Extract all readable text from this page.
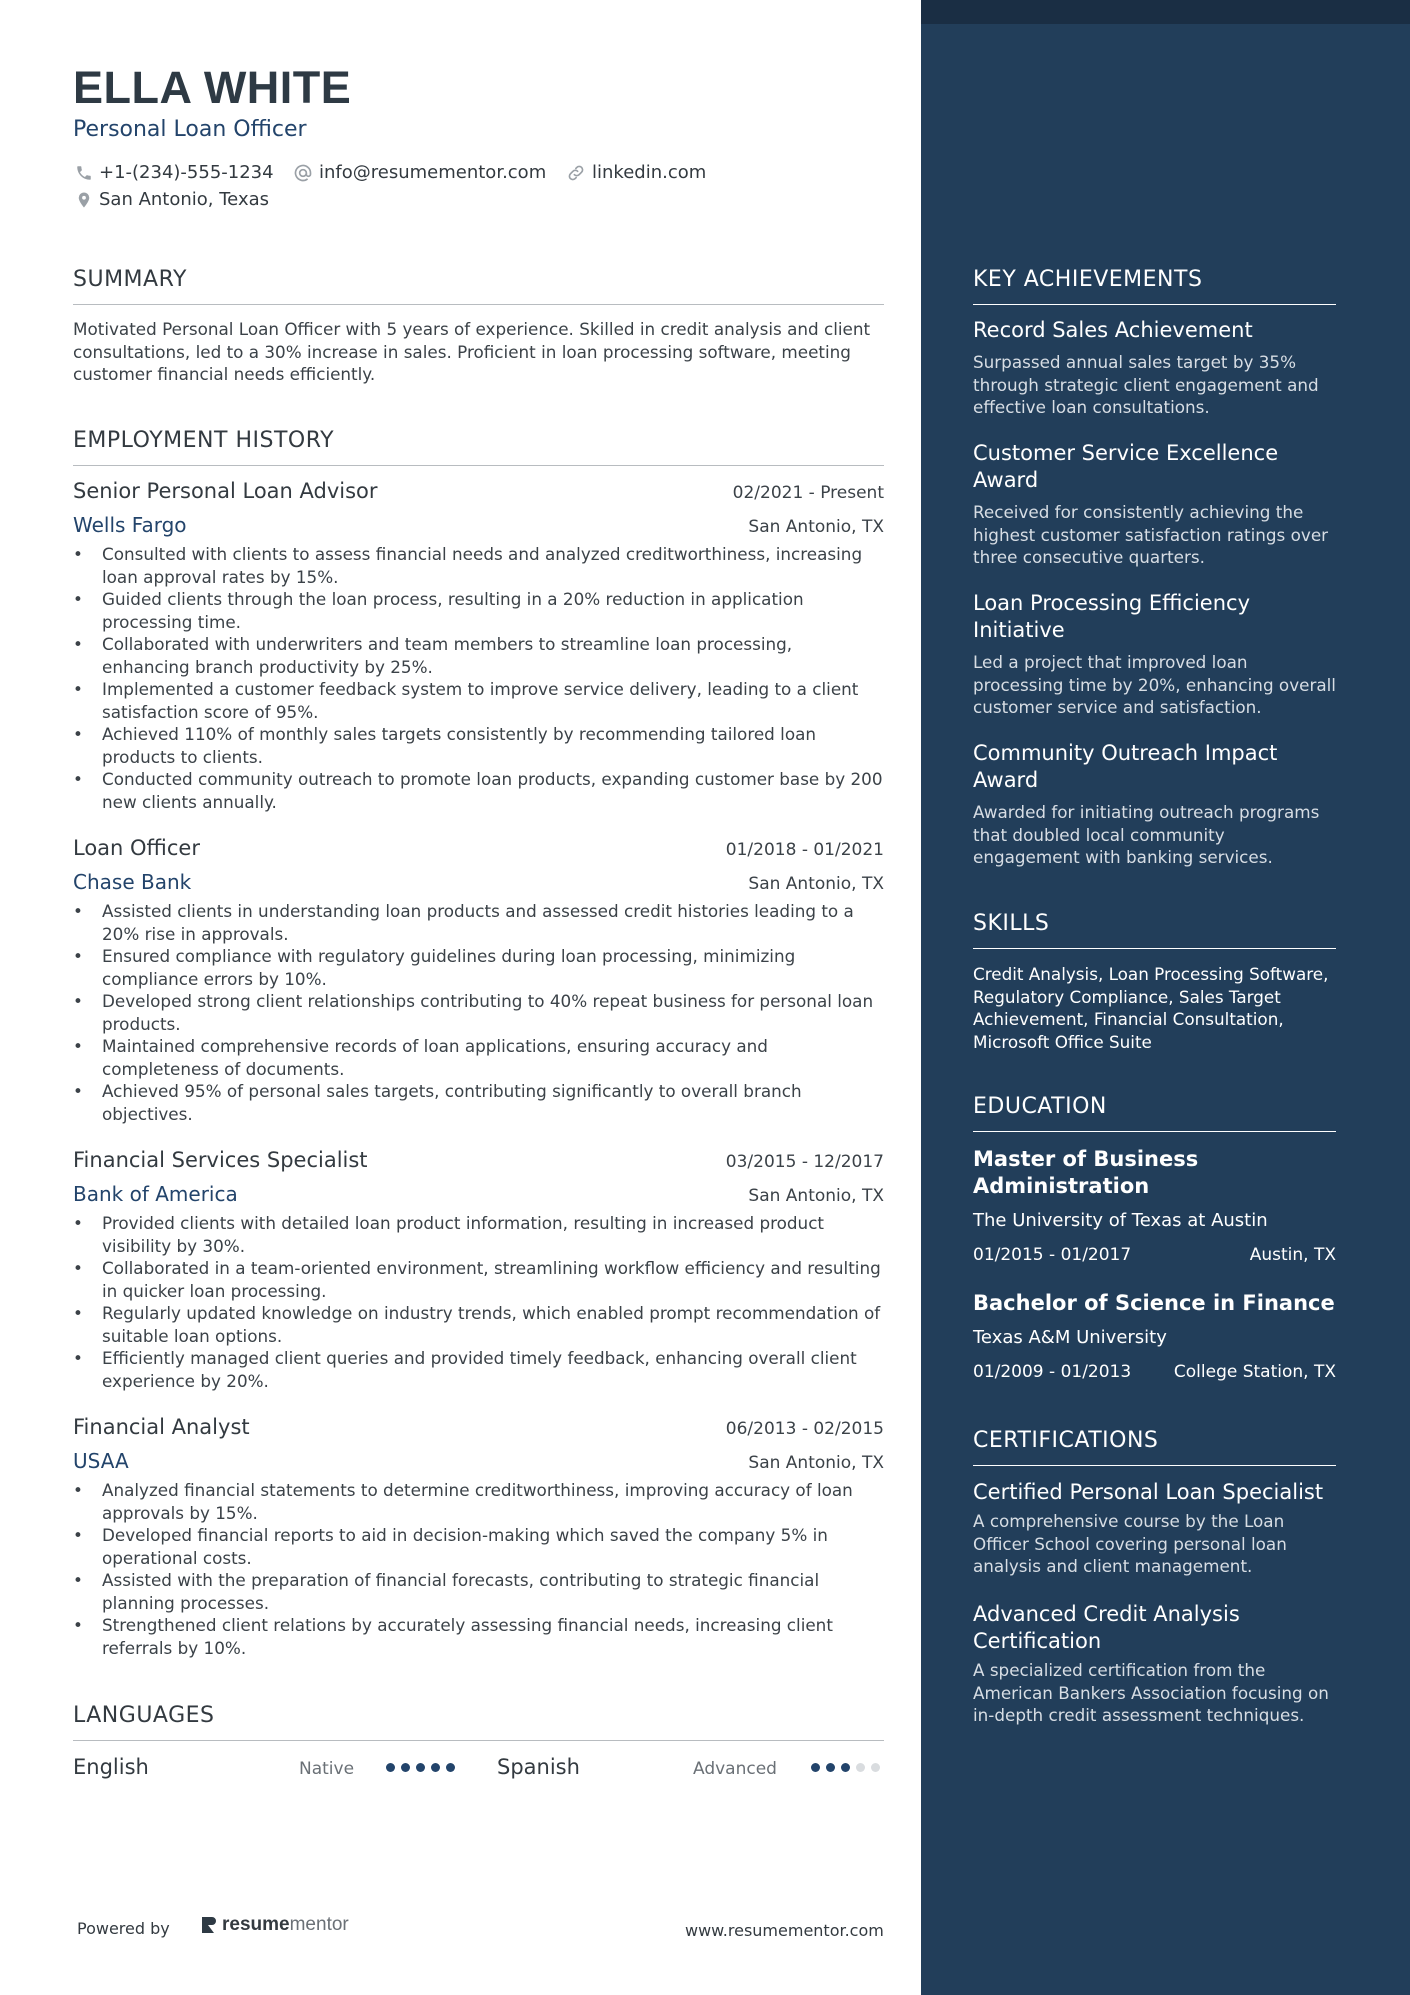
ELLA WHITE
Personal Loan Officer
+1-(234)-555-1234	info@resumementor.com	linkedin.com
San Antonio, Texas
SUMMARY
Motivated Personal Loan Officer with 5 years of experience. Skilled in credit analysis and client consultations, led to a 30% increase in sales. Proficient in loan processing software, meeting customer financial needs efficiently.
EMPLOYMENT HISTORY
Senior Personal Loan Advisor	02/2021 - Present
Wells Fargo	San Antonio, TX
• Consulted with clients to assess financial needs and analyzed creditworthiness, increasing loan approval rates by 15%.
• Guided clients through the loan process, resulting in a 20% reduction in application processing time.
• Collaborated with underwriters and team members to streamline loan processing, enhancing branch productivity by 25%.
• Implemented a customer feedback system to improve service delivery, leading to a client satisfaction score of 95%.
• Achieved 110% of monthly sales targets consistently by recommending tailored loan products to clients.
• Conducted community outreach to promote loan products, expanding customer base by 200 new clients annually.
Loan Officer	01/2018 - 01/2021
Chase Bank	San Antonio, TX
• Assisted clients in understanding loan products and assessed credit histories leading to a 20% rise in approvals.
• Ensured compliance with regulatory guidelines during loan processing, minimizing compliance errors by 10%.
• Developed strong client relationships contributing to 40% repeat business for personal loan products.
• Maintained comprehensive records of loan applications, ensuring accuracy and completeness of documents.
• Achieved 95% of personal sales targets, contributing significantly to overall branch objectives.
Financial Services Specialist	03/2015 - 12/2017
Bank of America	San Antonio, TX
• Provided clients with detailed loan product information, resulting in increased product visibility by 30%.
• Collaborated in a team-oriented environment, streamlining workflow efficiency and resulting in quicker loan processing.
• Regularly updated knowledge on industry trends, which enabled prompt recommendation of suitable loan options.
• Efficiently managed client queries and provided timely feedback, enhancing overall client experience by 20%.
Financial Analyst	06/2013 - 02/2015
USAA	San Antonio, TX
• Analyzed financial statements to determine creditworthiness, improving accuracy of loan approvals by 15%.
• Developed financial reports to aid in decision-making which saved the company 5% in operational costs.
• Assisted with the preparation of financial forecasts, contributing to strategic financial planning processes.
• Strengthened client relations by accurately assessing financial needs, increasing client referrals by 10%.
LANGUAGES
English	Native	Spanish	Advanced
Powered by	resume mentor	www.resumementor.com
KEY ACHIEVEMENTS
Record Sales Achievement
Surpassed annual sales target by 35% through strategic client engagement and effective loan consultations.
Customer Service Excellence Award
Received for consistently achieving the highest customer satisfaction ratings over three consecutive quarters.
Loan Processing Efficiency Initiative
Led a project that improved loan processing time by 20%, enhancing overall customer service and satisfaction.
Community Outreach Impact Award
Awarded for initiating outreach programs that doubled local community engagement with banking services.
SKILLS
Credit Analysis, Loan Processing Software, Regulatory Compliance, Sales Target Achievement, Financial Consultation, Microsoft Office Suite
EDUCATION
Master of Business Administration
The University of Texas at Austin
01/2015 - 01/2017	Austin, TX
Bachelor of Science in Finance
Texas A&M University
01/2009 - 01/2013	College Station, TX
CERTIFICATIONS
Certified Personal Loan Specialist
A comprehensive course by the Loan Officer School covering personal loan analysis and client management.
Advanced Credit Analysis Certification
A specialized certification from the American Bankers Association focusing on in-depth credit assessment techniques.
